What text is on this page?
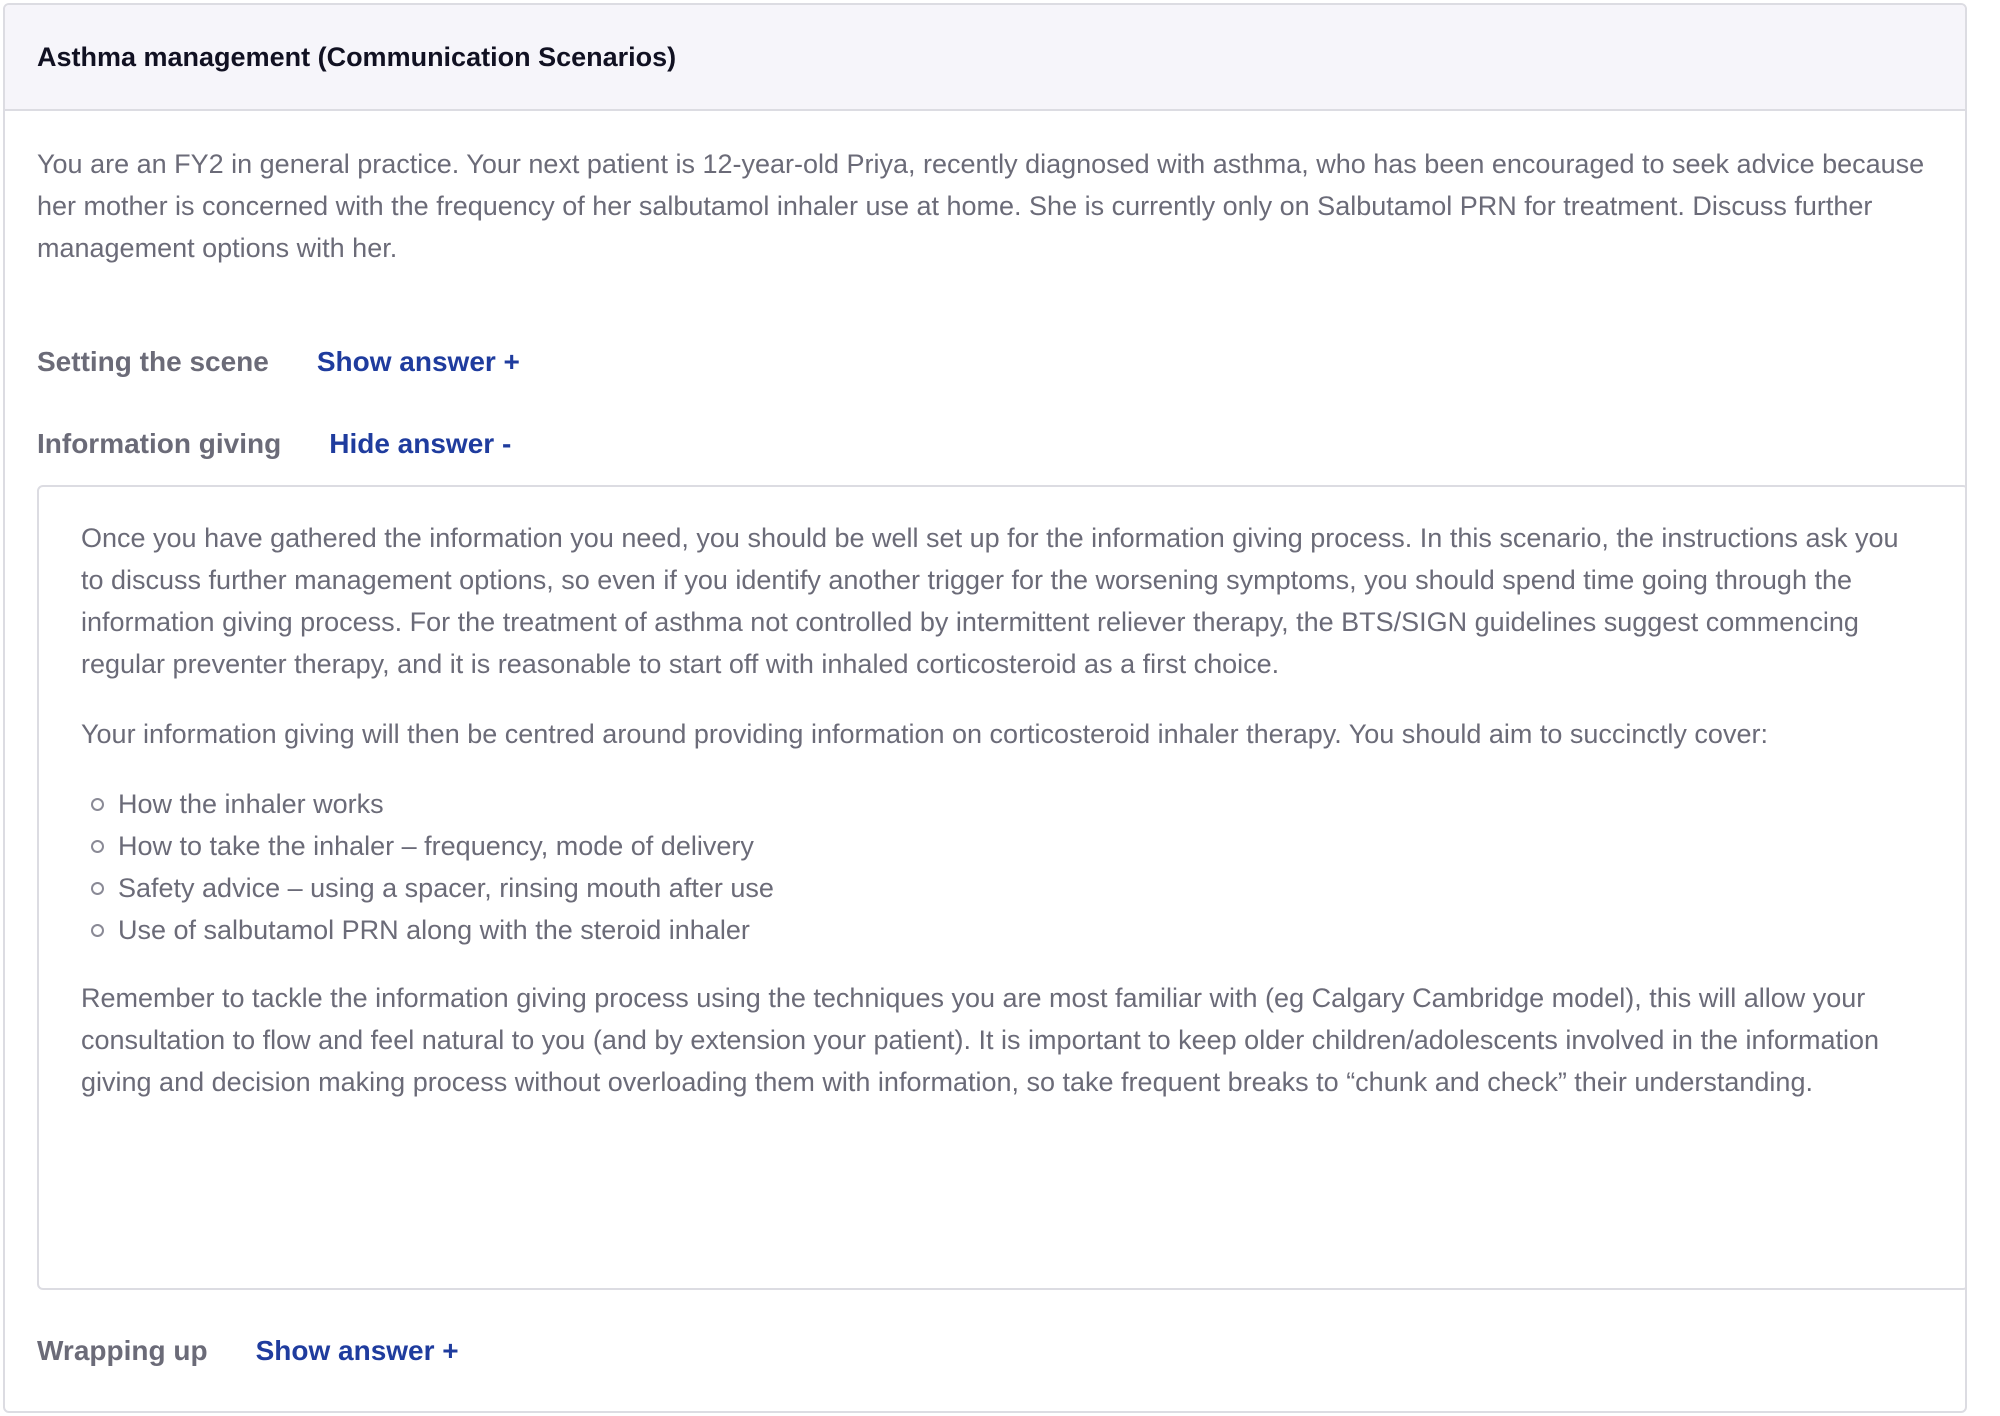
Asthma management (Communication Scenarios)

You are an FY2 in general practice. Your next patient is 12-year-old Priya, recently diagnosed with asthma, who has been encouraged to seek advice because her mother is concerned with the frequency of her salbutamol inhaler use at home. She is currently only on Salbutamol PRN for treatment. Discuss further management options with her.

Setting the scene Show answer +
Information giving Hide answer -

Once you have gathered the information you need, you should be well set up for the information giving process. In this scenario, the instructions ask you to discuss further management options, so even if you identify another trigger for the worsening symptoms, you should spend time going through the information giving process. For the treatment of asthma not controlled by intermittent reliever therapy, the BTS/SIGN guidelines suggest commencing regular preventer therapy, and it is reasonable to start off with inhaled corticosteroid as a first choice.

Your information giving will then be centred around providing information on corticosteroid inhaler therapy. You should aim to succinctly cover:

How the inhaler works
How to take the inhaler – frequency, mode of delivery
Safety advice – using a spacer, rinsing mouth after use
Use of salbutamol PRN along with the steroid inhaler

Remember to tackle the information giving process using the techniques you are most familiar with (eg Calgary Cambridge model), this will allow your consultation to flow and feel natural to you (and by extension your patient). It is important to keep older children/adolescents involved in the information giving and decision making process without overloading them with information, so take frequent breaks to “chunk and check” their understanding.

Wrapping up Show answer +
